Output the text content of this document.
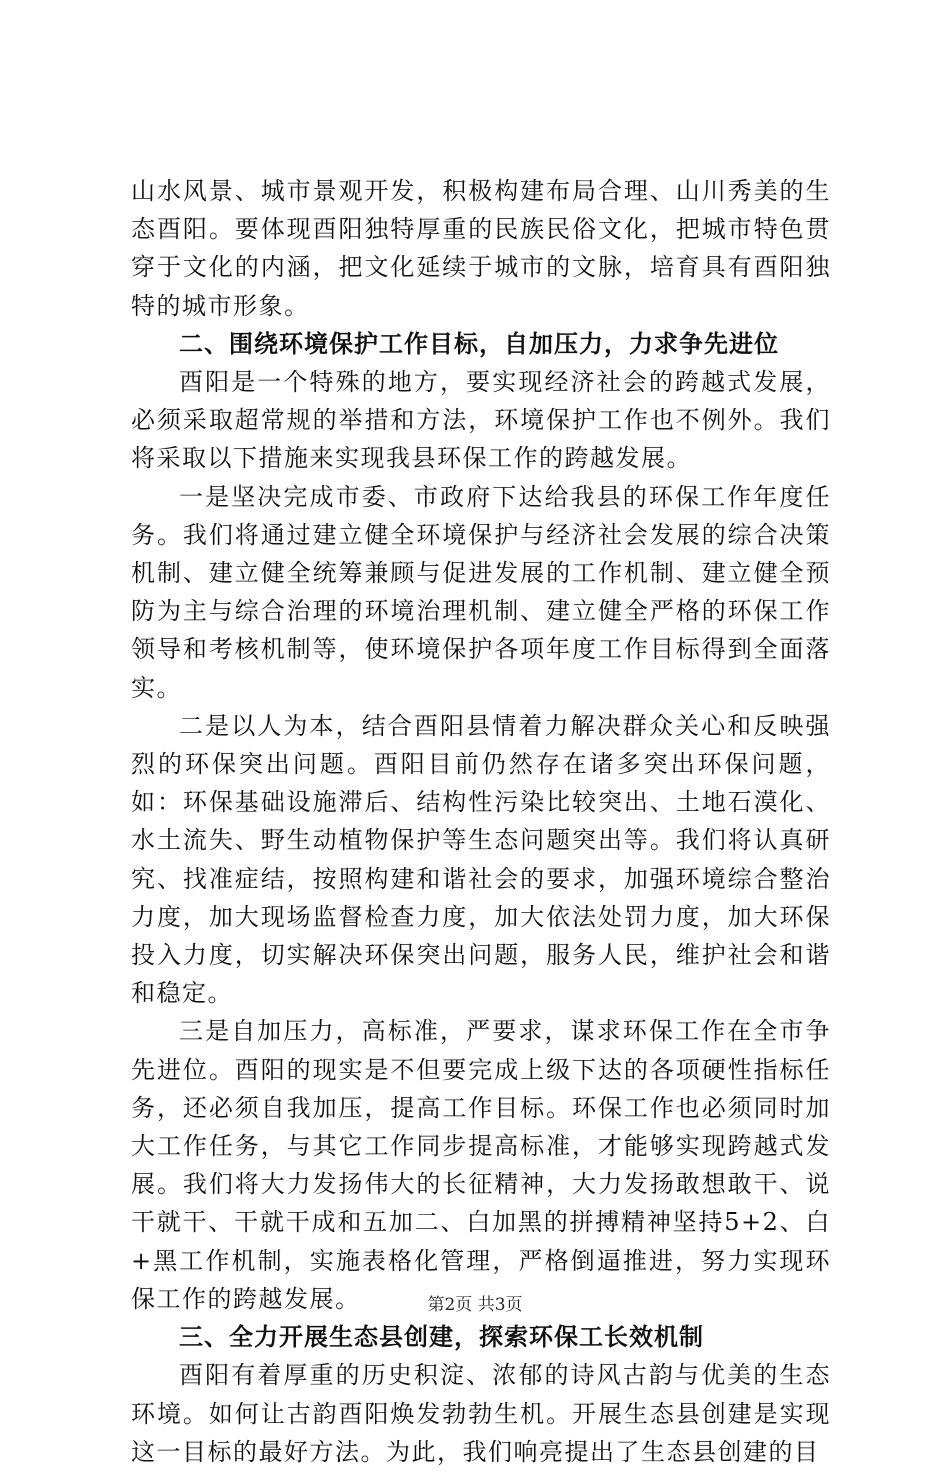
山水风景、城市景观开发，积极构建布局合理、山川秀美的生态酉阳。要体现酉阳独特厚重的民族民俗文化，把城市特色贯穿于文化的内涵，把文化延续于城市的文脉，培育具有酉阳独特的城市形象。

二、围绕环境保护工作目标，自加压力，力求争先进位

酉阳是一个特殊的地方，要实现经济社会的跨越式发展，必须采取超常规的举措和方法，环境保护工作也不例外。我们将采取以下措施来实现我县环保工作的跨越发展。

一是坚决完成市委、市政府下达给我县的环保工作年度任务。我们将通过建立健全环境保护与经济社会发展的综合决策机制、建立健全统筹兼顾与促进发展的工作机制、建立健全预防为主与综合治理的环境治理机制、建立健全严格的环保工作领导和考核机制等，使环境保护各项年度工作目标得到全面落实。

二是以人为本，结合酉阳县情着力解决群众关心和反映强烈的环保突出问题。酉阳目前仍然存在诸多突出环保问题，如：环保基础设施滞后、结构性污染比较突出、土地石漠化、水土流失、野生动植物保护等生态问题突出等。我们将认真研究、找准症结，按照构建和谐社会的要求，加强环境综合整治力度，加大现场监督检查力度，加大依法处罚力度，加大环保投入力度，切实解决环保突出问题，服务人民，维护社会和谐和稳定。

三是自加压力，高标准，严要求，谋求环保工作在全市争先进位。酉阳的现实是不但要完成上级下达的各项硬性指标任务，还必须自我加压，提高工作目标。环保工作也必须同时加大工作任务，与其它工作同步提高标准，才能够实现跨越式发展。我们将大力发扬伟大的长征精神，大力发扬敢想敢干、说干就干、干就干成和五加二、白加黑的拼搏精神坚持5+2、白+黑工作机制，实施表格化管理，严格倒逼推进，努力实现环保工作的跨越发展。

三、全力开展生态县创建，探索环保工长效机制

酉阳有着厚重的历史积淀、浓郁的诗风古韵与优美的生态环境。如何让古韵酉阳焕发勃勃生机。开展生态县创建是实现这一目标的最好方法。为此，我们响亮提出了生态县创建的目

第2页 共3页
